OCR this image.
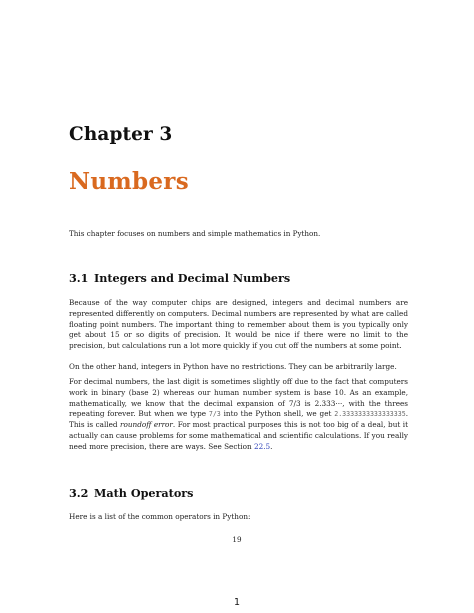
Chapter 3
Numbers
This chapter focuses on numbers and simple mathematics in Python.
3.1 Integers and Decimal Numbers

Because of the way computer chips are designed, integers and decimal numbers are represented differently on computers. Decimal numbers are represented by what are called floating point numbers. The important thing to remember about them is you typically only get about 15 or so digits of precision. It would be nice if there were no limit to the precision, but calculations run a lot more quickly if you cut off the numbers at some point.

On the other hand, integers in Python have no restrictions. They can be arbitrarily large.

For decimal numbers, the last digit is sometimes slightly off due to the fact that computers work in binary (base 2) whereas our human number system is base 10. As an example, mathematically, we know that the decimal expansion of 7/3 is 2.333···, with the threes repeating forever. But when we type 7/3 into the Python shell, we get 2.3333333333333335. This is called roundoff error. For most practical purposes this is not too big of a deal, but it actually can cause problems for some mathematical and scientific calculations. If you really need more precision, there are ways. See Section 22.5.

3.2 Math Operators

Here is a list of the common operators in Python:

19
1
